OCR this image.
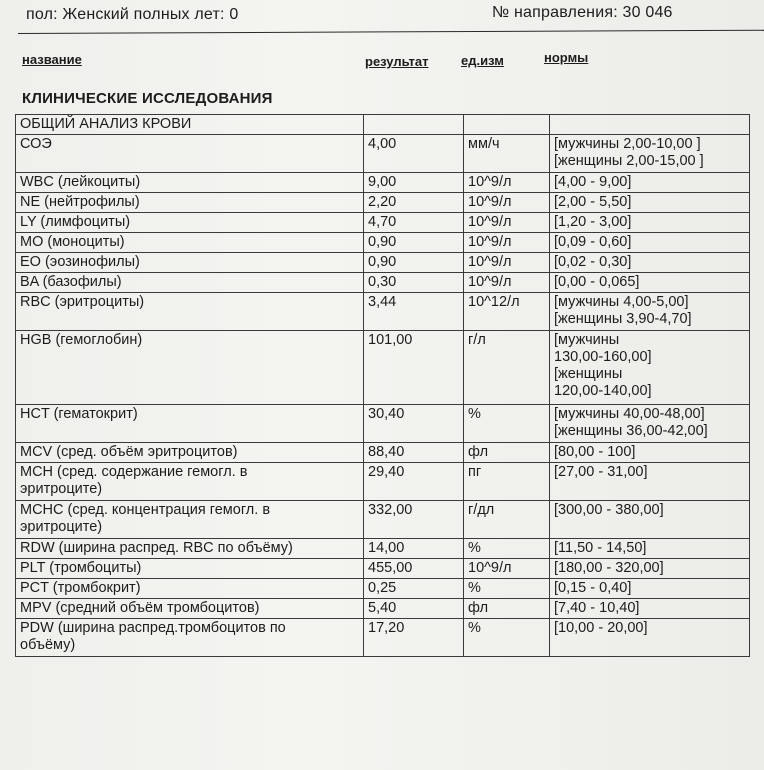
пол: Женский полных лет: 0	№ направления: 30 046
название	результат	ед.изм	нормы
КЛИНИЧЕСКИЕ ИССЛЕДОВАНИЯ
ОБЩИЙ АНАЛИЗ КРОВИ			

СОЭ	4,00	мм/ч	[мужчины 2,00-10,00 ]
[женщины 2,00-15,00 ]

WBC (лейкоциты)	9,00	10^9/л	[4,00 - 9,00]

NE (нейтрофилы)	2,20	10^9/л	[2,00 - 5,50]

LY (лимфоциты)	4,70	10^9/л	[1,20 - 3,00]

MO (моноциты)	0,90	10^9/л	[0,09 - 0,60]

EO (эозинофилы)	0,90	10^9/л	[0,02 - 0,30]

BA (базофилы)	0,30	10^9/л	[0,00 - 0,065]

RBC (эритроциты)	3,44	10^12/л	[мужчины 4,00-5,00]
[женщины 3,90-4,70]

HGB (гемоглобин)	101,00	г/л	[мужчины
130,00-160,00]
[женщины
120,00-140,00]

HCT (гематокрит)	30,40	%	[мужчины 40,00-48,00]
[женщины 36,00-42,00]

MCV (сред. объём эритроцитов)	88,40	фл	[80,00 - 100]

MCH (сред. содержание гемогл. в
эритроците)	29,40	пг	[27,00 - 31,00]

MCHC (сред. концентрация гемогл. в
эритроците)	332,00	г/дл	[300,00 - 380,00]

RDW (ширина распред. RBC по объёму)	14,00	%	[11,50 - 14,50]

PLT (тромбоциты)	455,00	10^9/л	[180,00 - 320,00]

PCT (тромбокрит)	0,25	%	[0,15 - 0,40]

MPV (средний объём тромбоцитов)	5,40	фл	[7,40 - 10,40]

PDW (ширина распред.тромбоцитов по
объёму)	17,20	%	[10,00 - 20,00]
